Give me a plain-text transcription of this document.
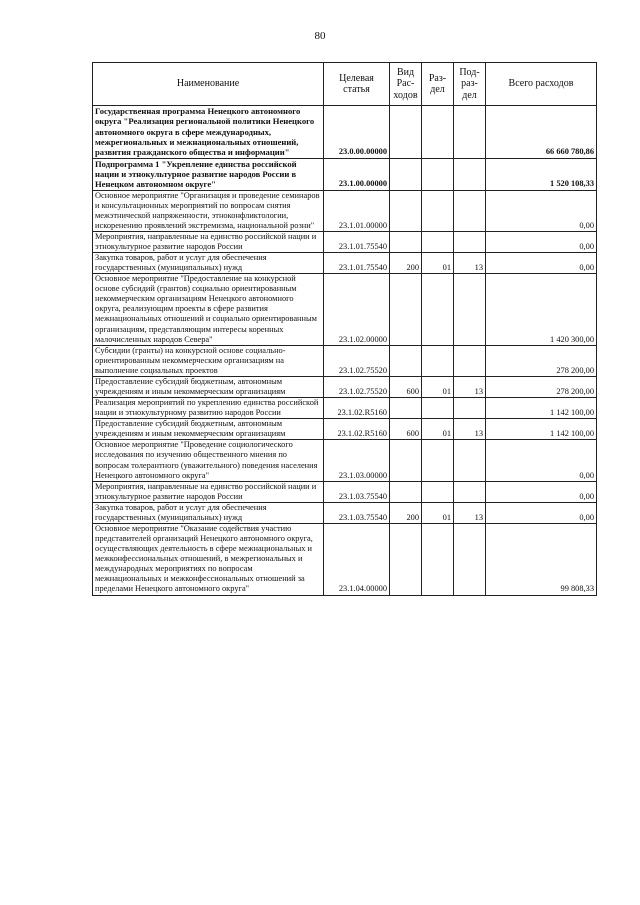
80
Наименование	Целевая статья	Вид Рас-ходов	Раз-дел	Под-раз-дел	Всего расходов
Государственная программа Ненецкого автономного округа "Реализация региональной политики Ненецкого автономного округа в сфере международных, межрегиональных и межнациональных отношений, развития гражданского общества и информации"	23.0.00.00000				66 660 780,86
Подпрограмма 1 "Укрепление единства российской нации и этнокультурное развитие народов России в Ненецком автономном округе"	23.1.00.00000				1 520 108,33
Основное мероприятие "Организация и проведение семинаров и консультационных мероприятий по вопросам снятия межэтнической напряженности, этноконфликтологии, искоренению проявлений экстремизма, национальной розни"	23.1.01.00000				0,00
Мероприятия, направленные на единство российской нации и этнокультурное развитие народов России	23.1.01.75540				0,00
Закупка товаров, работ и услуг для обеспечения государственных (муниципальных) нужд	23.1.01.75540	200	01	13	0,00
Основное мероприятие "Предоставление на конкурсной основе субсидий (грантов) социально ориентированным некоммерческим организациям Ненецкого автономного округа, реализующим проекты в сфере развития межнациональных отношений и социально ориентированным организациям, представляющим интересы коренных малочисленных народов Севера"	23.1.02.00000				1 420 300,00
Субсидии (гранты) на конкурсной основе социально-ориентированным некоммерческим организациям на выполнение социальных проектов	23.1.02.75520				278 200,00
Предоставление субсидий бюджетным, автономным учреждениям и иным некоммерческим организациям	23.1.02.75520	600	01	13	278 200,00
Реализация мероприятий по укреплению единства российской нации и этнокультурному развитию народов России	23.1.02.R5160				1 142 100,00
Предоставление субсидий бюджетным, автономным учреждениям и иным некоммерческим организациям	23.1.02.R5160	600	01	13	1 142 100,00
Основное мероприятие "Проведение социологического исследования по изучению общественного мнения по вопросам толерантного (уважительного) поведения населения Ненецкого автономного округа"	23.1.03.00000				0,00
Мероприятия, направленные на единство российской нации и этнокультурное развитие народов России	23.1.03.75540				0,00
Закупка товаров, работ и услуг для обеспечения государственных (муниципальных) нужд	23.1.03.75540	200	01	13	0,00
Основное мероприятие "Оказание содействия участию представителей организаций Ненецкого автономного округа, осуществляющих деятельность в сфере межнациональных и межконфессиональных отношений, в межрегиональных и международных мероприятиях по вопросам межнациональных и межконфессиональных отношений за пределами Ненецкого автономного округа"	23.1.04.00000				99 808,33
